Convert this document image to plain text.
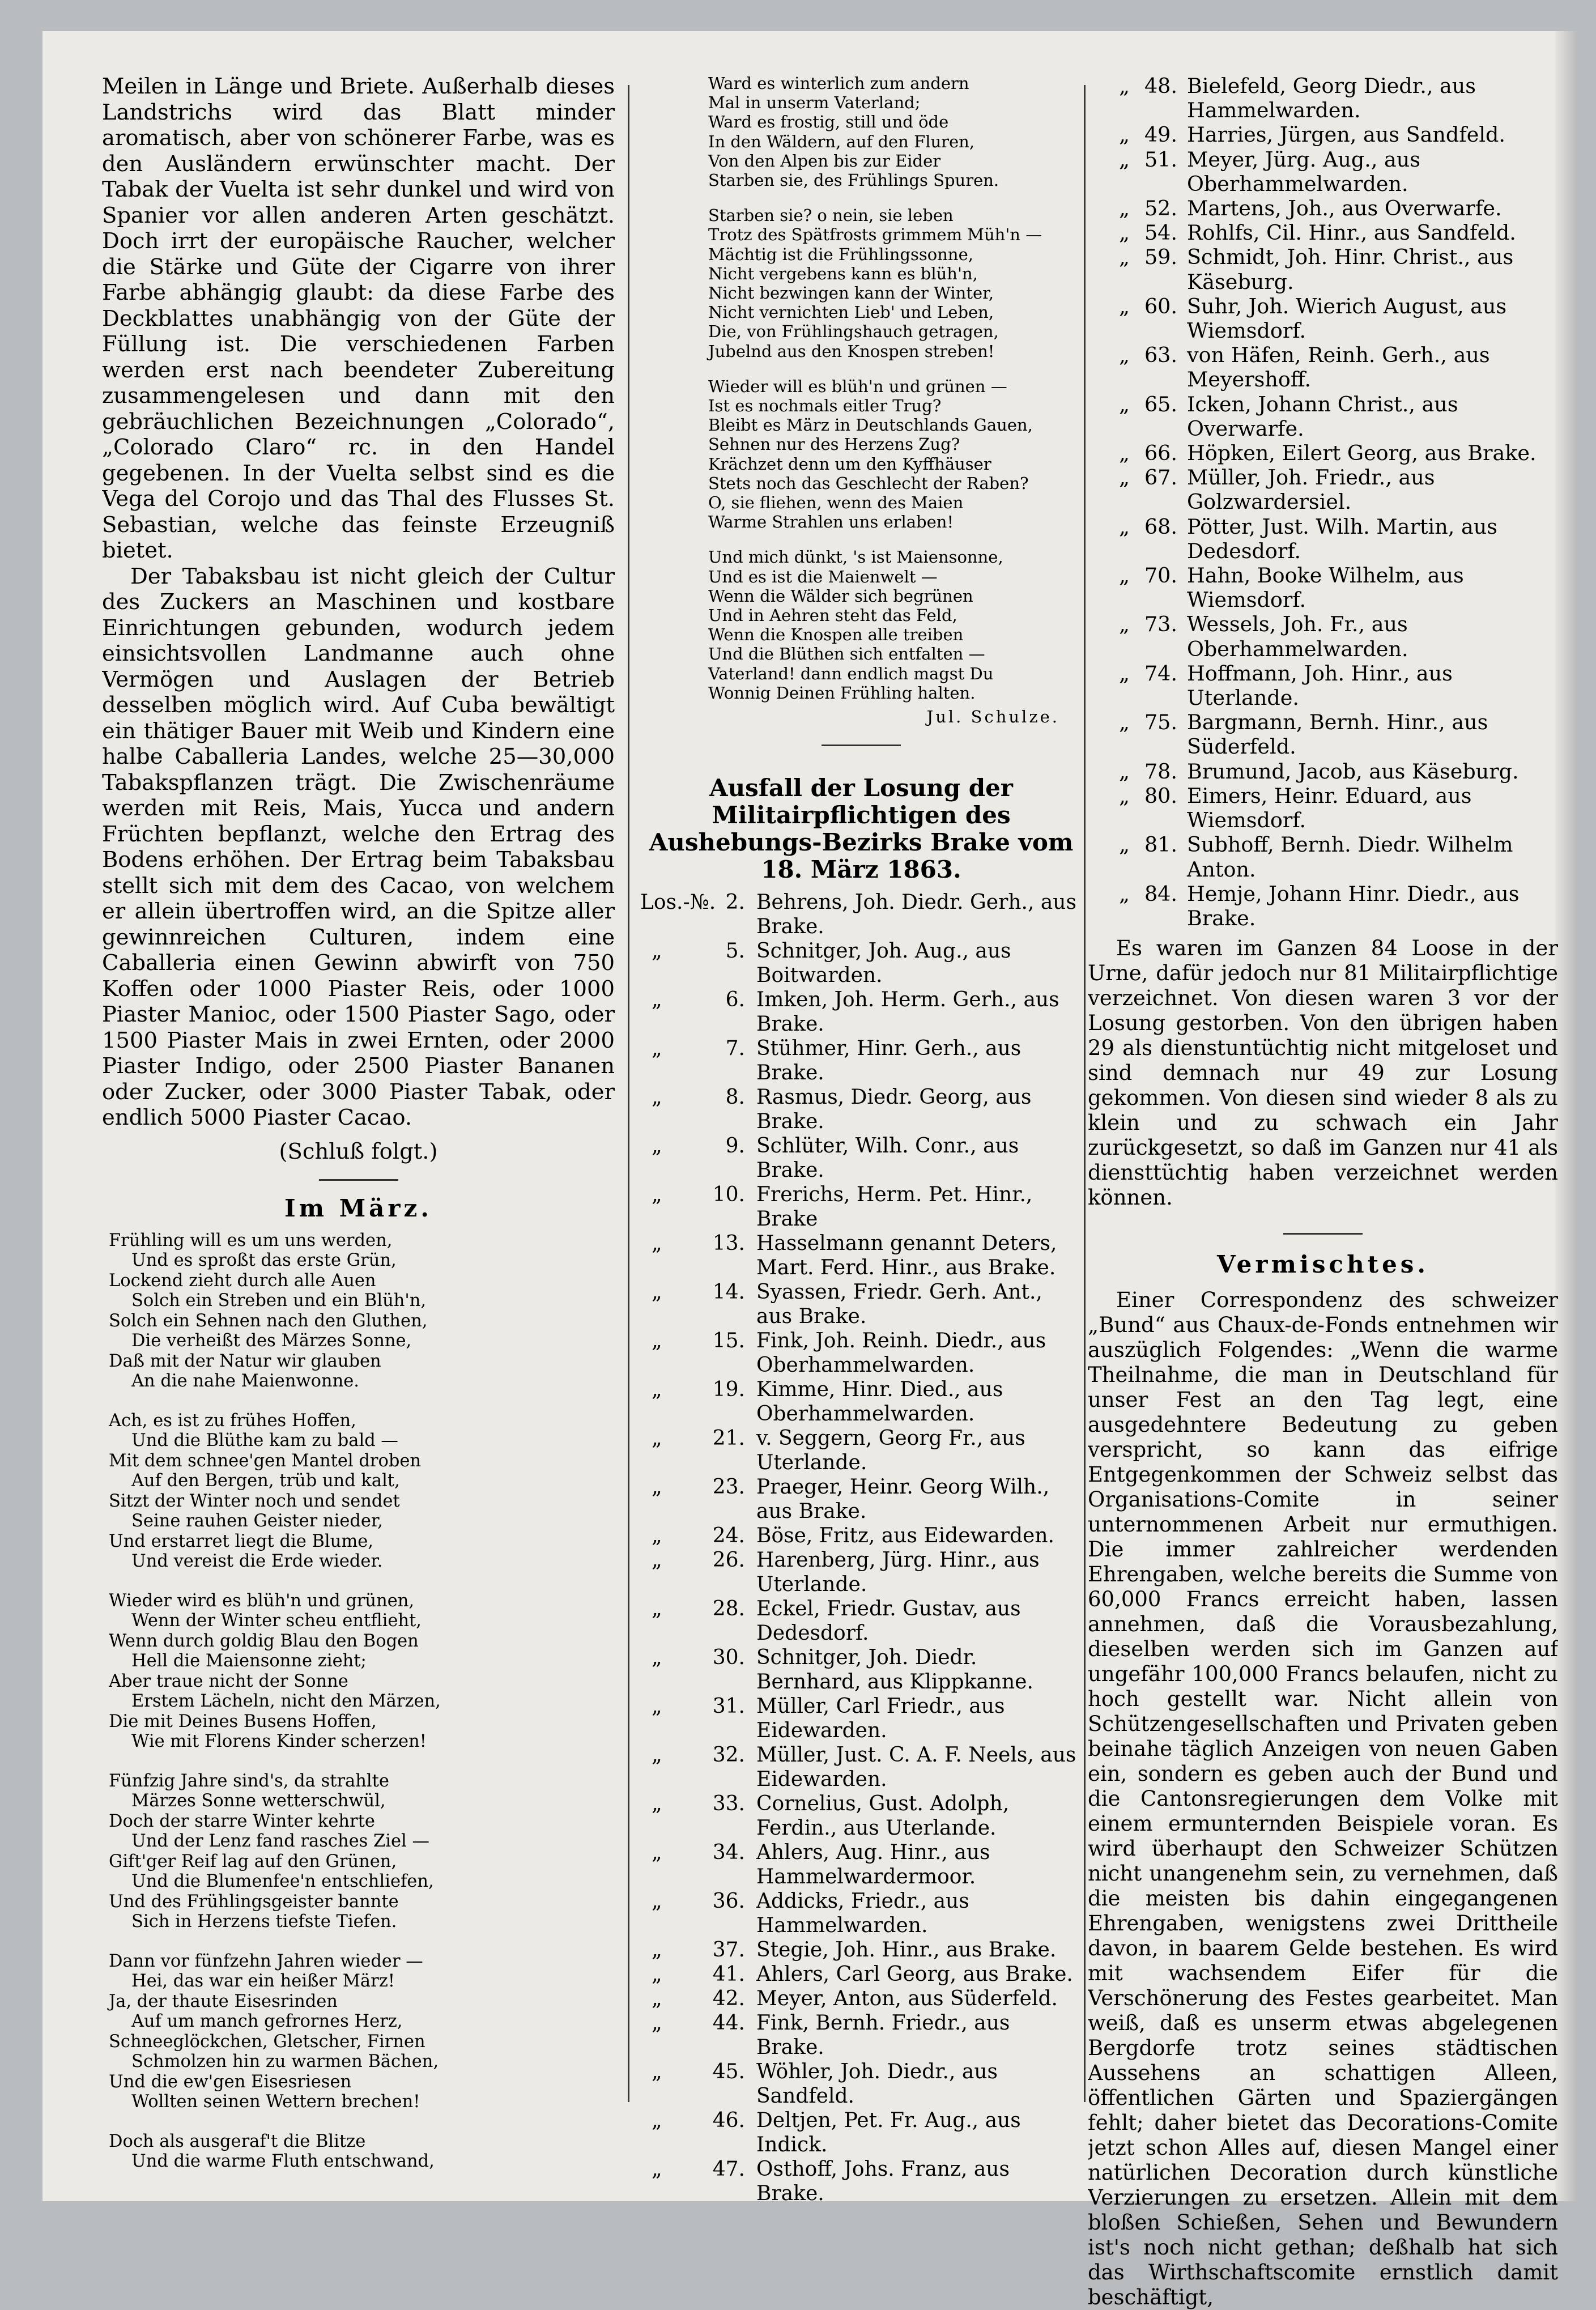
Meilen in Länge und Briete. Außerhalb dieses Landstrichs wird das Blatt minder aromatisch, aber von schönerer Farbe, was es den Ausländern erwünschter macht. Der Tabak der Vuelta ist sehr dunkel und wird von Spanier vor allen anderen Arten geschätzt. Doch irrt der europäische Raucher, welcher die Stärke und Güte der Cigarre von ihrer Farbe abhängig glaubt: da diese Farbe des Deckblattes unabhängig von der Güte der Füllung ist. Die verschiedenen Farben werden erst nach beendeter Zubereitung zusammengelesen und dann mit den gebräuchlichen Bezeichnungen „Colorado“, „Colorado Claro“ rc. in den Handel gegebenen. In der Vuelta selbst sind es die Vega del Corojo und das Thal des Flusses St. Sebastian, welche das feinste Erzeugniß bietet.

Der Tabaksbau ist nicht gleich der Cultur des Zuckers an Maschinen und kostbare Einrichtungen gebunden, wodurch jedem einsichtsvollen Landmanne auch ohne Vermögen und Auslagen der Betrieb desselben möglich wird. Auf Cuba bewältigt ein thätiger Bauer mit Weib und Kindern eine halbe Caballeria Landes, welche 25—30,000 Tabakspflanzen trägt. Die Zwischenräume werden mit Reis, Mais, Yucca und andern Früchten bepflanzt, welche den Ertrag des Bodens erhöhen. Der Ertrag beim Tabaksbau stellt sich mit dem des Cacao, von welchem er allein übertroffen wird, an die Spitze aller gewinnreichen Culturen, indem eine Caballeria einen Gewinn abwirft von 750 Koffen oder 1000 Piaster Reis, oder 1000 Piaster Manioc, oder 1500 Piaster Sago, oder 1500 Piaster Mais in zwei Ernten, oder 2000 Piaster Indigo, oder 2500 Piaster Bananen oder Zucker, oder 3000 Piaster Tabak, oder endlich 5000 Piaster Cacao.

(Schluß folgt.)

Im März.

Frühling will es um uns werden,
Und es sproßt das erste Grün,
Lockend zieht durch alle Auen
Solch ein Streben und ein Blüh'n,
Solch ein Sehnen nach den Gluthen,
Die verheißt des Märzes Sonne,
Daß mit der Natur wir glauben
An die nahe Maienwonne.
Ach, es ist zu frühes Hoffen,
Und die Blüthe kam zu bald —
Mit dem schnee'gen Mantel droben
Auf den Bergen, trüb und kalt,
Sitzt der Winter noch und sendet
Seine rauhen Geister nieder,
Und erstarret liegt die Blume,
Und vereist die Erde wieder.
Wieder wird es blüh'n und grünen,
Wenn der Winter scheu entflieht,
Wenn durch goldig Blau den Bogen
Hell die Maiensonne zieht;
Aber traue nicht der Sonne
Erstem Lächeln, nicht den Märzen,
Die mit Deines Busens Hoffen,
Wie mit Florens Kinder scherzen!
Fünfzig Jahre sind's, da strahlte
Märzes Sonne wetterschwül,
Doch der starre Winter kehrte
Und der Lenz fand rasches Ziel —
Gift'ger Reif lag auf den Grünen,
Und die Blumenfee'n entschliefen,
Und des Frühlingsgeister bannte
Sich in Herzens tiefste Tiefen.
Dann vor fünfzehn Jahren wieder —
Hei, das war ein heißer März!
Ja, der thaute Eisesrinden
Auf um manch gefrornes Herz,
Schneeglöckchen, Gletscher, Firnen
Schmolzen hin zu warmen Bächen,
Und die ew'gen Eisesriesen
Wollten seinen Wettern brechen!
Doch als ausgeraf't die Blitze
Und die warme Fluth entschwand,
Ward es winterlich zum andern
Mal in unserm Vaterland;
Ward es frostig, still und öde
In den Wäldern, auf den Fluren,
Von den Alpen bis zur Eider
Starben sie, des Frühlings Spuren.
Starben sie? o nein, sie leben
Trotz des Spätfrosts grimmem Müh'n —
Mächtig ist die Frühlingssonne,
Nicht vergebens kann es blüh'n,
Nicht bezwingen kann der Winter,
Nicht vernichten Lieb' und Leben,
Die, von Frühlingshauch getragen,
Jubelnd aus den Knospen streben!
Wieder will es blüh'n und grünen —
Ist es nochmals eitler Trug?
Bleibt es März in Deutschlands Gauen,
Sehnen nur des Herzens Zug?
Krächzet denn um den Kyffhäuser
Stets noch das Geschlecht der Raben?
O, sie fliehen, wenn des Maien
Warme Strahlen uns erlaben!
Und mich dünkt, 's ist Maiensonne,
Und es ist die Maienwelt —
Wenn die Wälder sich begrünen
Und in Aehren steht das Feld,
Wenn die Knospen alle treiben
Und die Blüthen sich entfalten —
Vaterland! dann endlich magst Du
Wonnig Deinen Frühling halten.
Jul. Schulze.

Ausfall der Losung der Militairpflichtigen des Aushebungs-Bezirks Brake vom 18. März 1863.

Los.-№. 2. Behrens, Joh. Diedr. Gerh., aus Brake.
„	5. Schnitger, Joh. Aug., aus Boitwarden.
„	6. Imken, Joh. Herm. Gerh., aus Brake.
„	7. Stühmer, Hinr. Gerh., aus Brake.
„	8. Rasmus, Diedr. Georg, aus Brake.
„	9. Schlüter, Wilh. Conr., aus Brake.
„	10. Frerichs, Herm. Pet. Hinr., Brake
„	13. Hasselmann genannt Deters, Mart. Ferd. Hinr., aus Brake.
„	14. Syassen, Friedr. Gerh. Ant., aus Brake.
„	15. Fink, Joh. Reinh. Diedr., aus Oberhammelwarden.
„	19. Kimme, Hinr. Died., aus Oberhammelwarden.
„	21. v. Seggern, Georg Fr., aus Uterlande.
„	23. Praeger, Heinr. Georg Wilh., aus Brake.
„	24. Böse, Fritz, aus Eidewarden.
„	26. Harenberg, Jürg. Hinr., aus Uterlande.
„	28. Eckel, Friedr. Gustav, aus Dedesdorf.
„	30. Schnitger, Joh. Diedr. Bernhard, aus Klippkanne.
„	31. Müller, Carl Friedr., aus Eidewarden.
„	32. Müller, Just. C. A. F. Neels, aus Eidewarden.
„	33. Cornelius, Gust. Adolph, Ferdin., aus Uterlande.
„	34. Ahlers, Aug. Hinr., aus Hammelwardermoor.
„	36. Addicks, Friedr., aus Hammelwarden.
„	37. Stegie, Joh. Hinr., aus Brake.
„	41. Ahlers, Carl Georg, aus Brake.
„	42. Meyer, Anton, aus Süderfeld.
„	44. Fink, Bernh. Friedr., aus Brake.
„	45. Wöhler, Joh. Diedr., aus Sandfeld.
„	46. Deltjen, Pet. Fr. Aug., aus Indick.
„	47. Osthoff, Johs. Franz, aus Brake.
„ 48. Bielefeld, Georg Diedr., aus Hammelwarden.
„ 49. Harries, Jürgen, aus Sandfeld.
„ 51. Meyer, Jürg. Aug., aus Oberhammelwarden.
„ 52. Martens, Joh., aus Overwarfe.
„ 54. Rohlfs, Cil. Hinr., aus Sandfeld.
„ 59. Schmidt, Joh. Hinr. Christ., aus Käseburg.
„ 60. Suhr, Joh. Wierich August, aus Wiemsdorf.
„ 63. von Häfen, Reinh. Gerh., aus Meyershoff.
„ 65. Icken, Johann Christ., aus Overwarfe.
„ 66. Höpken, Eilert Georg, aus Brake.
„ 67. Müller, Joh. Friedr., aus Golzwardersiel.
„ 68. Pötter, Just. Wilh. Martin, aus Dedesdorf.
„ 70. Hahn, Booke Wilhelm, aus Wiemsdorf.
„ 73. Wessels, Joh. Fr., aus Oberhammelwarden.
„ 74. Hoffmann, Joh. Hinr., aus Uterlande.
„ 75. Bargmann, Bernh. Hinr., aus Süderfeld.
„ 78. Brumund, Jacob, aus Käseburg.
„ 80. Eimers, Heinr. Eduard, aus Wiemsdorf.
„ 81. Subhoff, Bernh. Diedr. Wilhelm Anton.
„ 84. Hemje, Johann Hinr. Diedr., aus Brake.

Es waren im Ganzen 84 Loose in der Urne, dafür jedoch nur 81 Militairpflichtige verzeichnet. Von diesen waren 3 vor der Losung gestorben. Von den übrigen haben 29 als dienstuntüchtig nicht mitgeloset und sind demnach nur 49 zur Losung gekommen. Von diesen sind wieder 8 als zu klein und zu schwach ein Jahr zurückgesetzt, so daß im Ganzen nur 41 als diensttüchtig haben verzeichnet werden können.

Vermischtes.

Einer Correspondenz des schweizer „Bund“ aus Chaux-de-Fonds entnehmen wir auszüglich Folgendes: „Wenn die warme Theilnahme, die man in Deutschland für unser Fest an den Tag legt, eine ausgedehntere Bedeutung zu geben verspricht, so kann das eifrige Entgegenkommen der Schweiz selbst das Organisations-Comite in seiner unternommenen Arbeit nur ermuthigen. Die immer zahlreicher werdenden Ehrengaben, welche bereits die Summe von 60,000 Francs erreicht haben, lassen annehmen, daß die Vorausbezahlung, dieselben werden sich im Ganzen auf ungefähr 100,000 Francs belaufen, nicht zu hoch gestellt war. Nicht allein von Schützengesellschaften und Privaten geben beinahe täglich Anzeigen von neuen Gaben ein, sondern es geben auch der Bund und die Cantonsregierungen dem Volke mit einem ermunternden Beispiele voran. Es wird überhaupt den Schweizer Schützen nicht unangenehm sein, zu vernehmen, daß die meisten bis dahin eingegangenen Ehrengaben, wenigstens zwei Drittheile davon, in baarem Gelde bestehen. Es wird mit wachsendem Eifer für die Verschönerung des Festes gearbeitet. Man weiß, daß es unserm etwas abgelegenen Bergdorfe trotz seines städtischen Aussehens an schattigen Alleen, öffentlichen Gärten und Spaziergängen fehlt; daher bietet das Decorations-Comite jetzt schon Alles auf, diesen Mangel einer natürlichen Decoration durch künstliche Verzierungen zu ersetzen. Allein mit dem bloßen Schießen, Sehen und Bewundern ist's noch nicht gethan; deßhalb hat sich das Wirthschaftscomite ernstlich damit beschäftigt,
